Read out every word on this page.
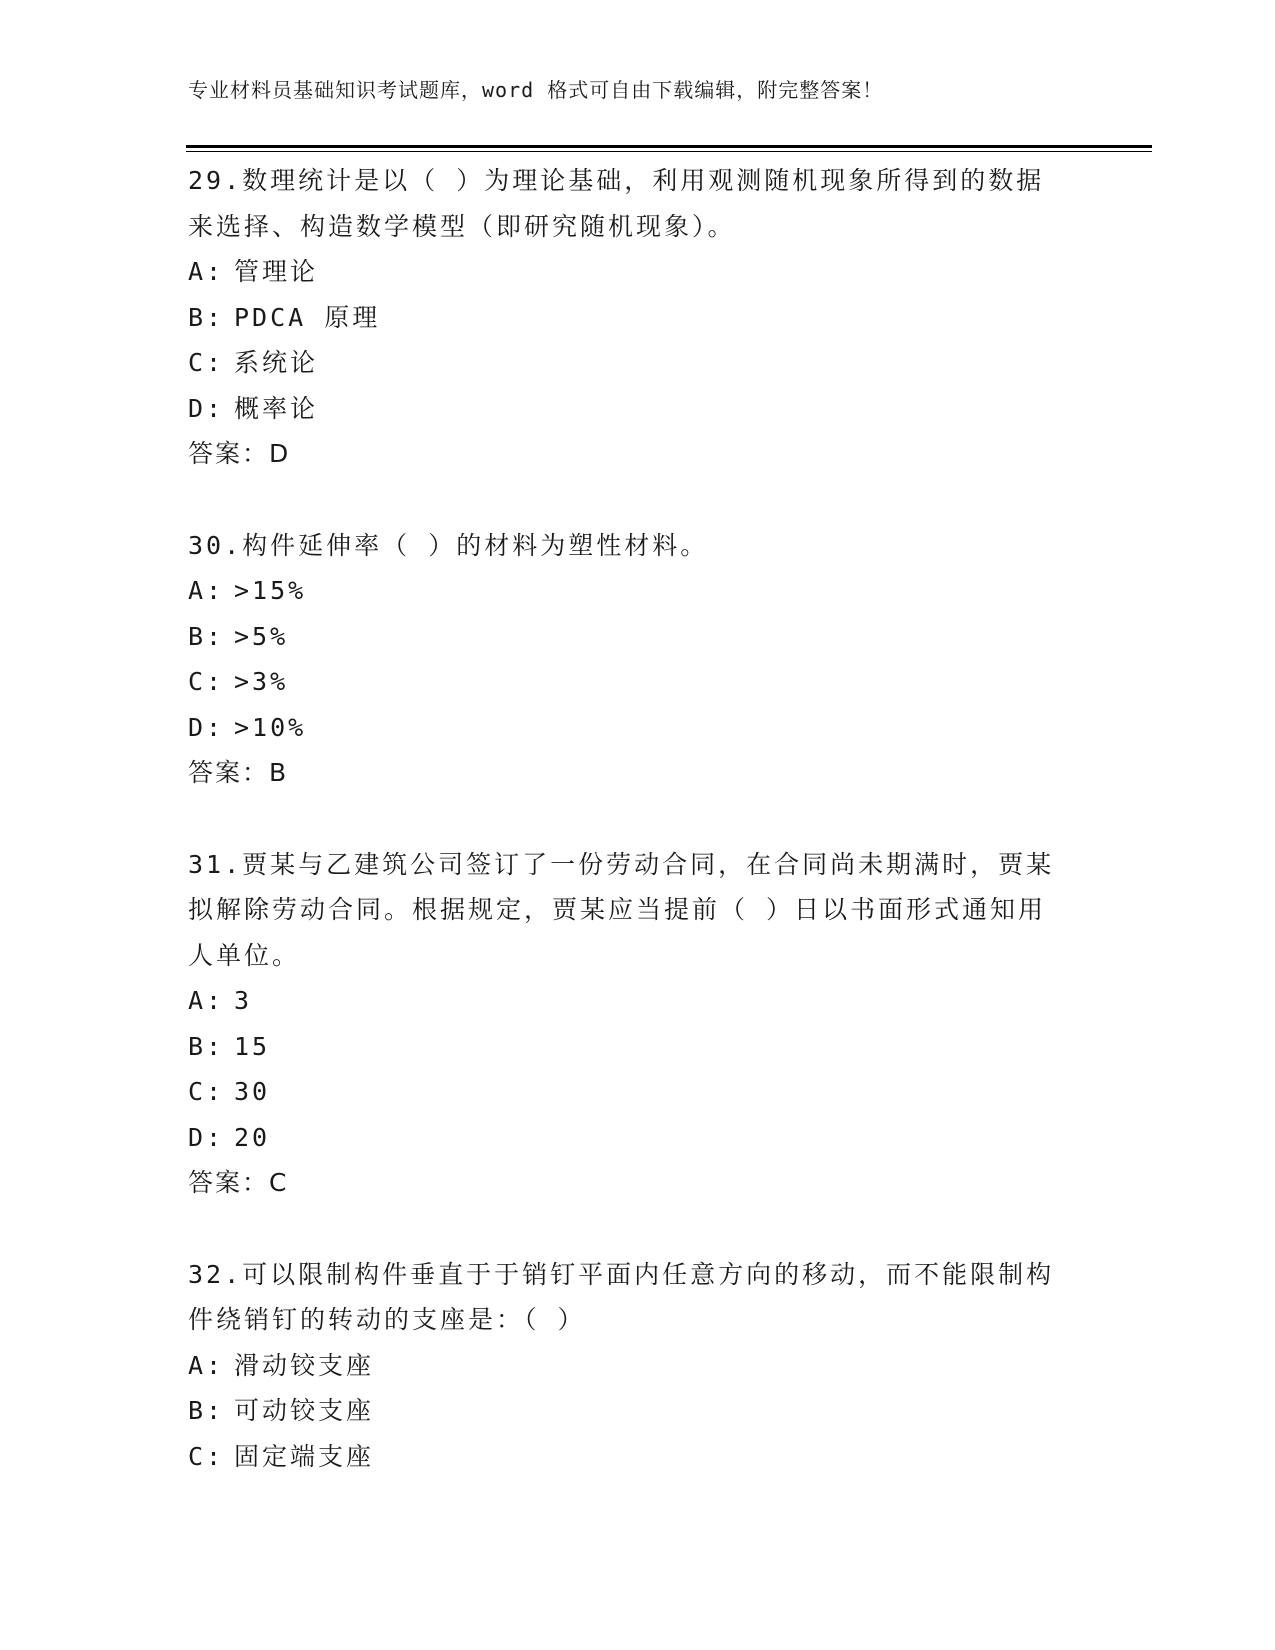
专业材料员基础知识考试题库，word 格式可自由下载编辑，附完整答案！
29.数理统计是以（ ）为理论基础，利用观测随机现象所得到的数据
来选择、构造数学模型（即研究随机现象）。
A: 管理论
B: PDCA 原理
C: 系统论
D: 概率论
答案：D
30.构件延伸率（ ）的材料为塑性材料。
A: >15%
B: >5%
C: >3%
D: >10%
答案：B
31.贾某与乙建筑公司签订了一份劳动合同，在合同尚未期满时，贾某
拟解除劳动合同。根据规定，贾某应当提前（ ）日以书面形式通知用
人单位。
A: 3
B: 15
C: 30
D: 20
答案：C
32.可以限制构件垂直于于销钉平面内任意方向的移动，而不能限制构
件绕销钉的转动的支座是：（ ）
A: 滑动铰支座
B: 可动铰支座
C: 固定端支座
